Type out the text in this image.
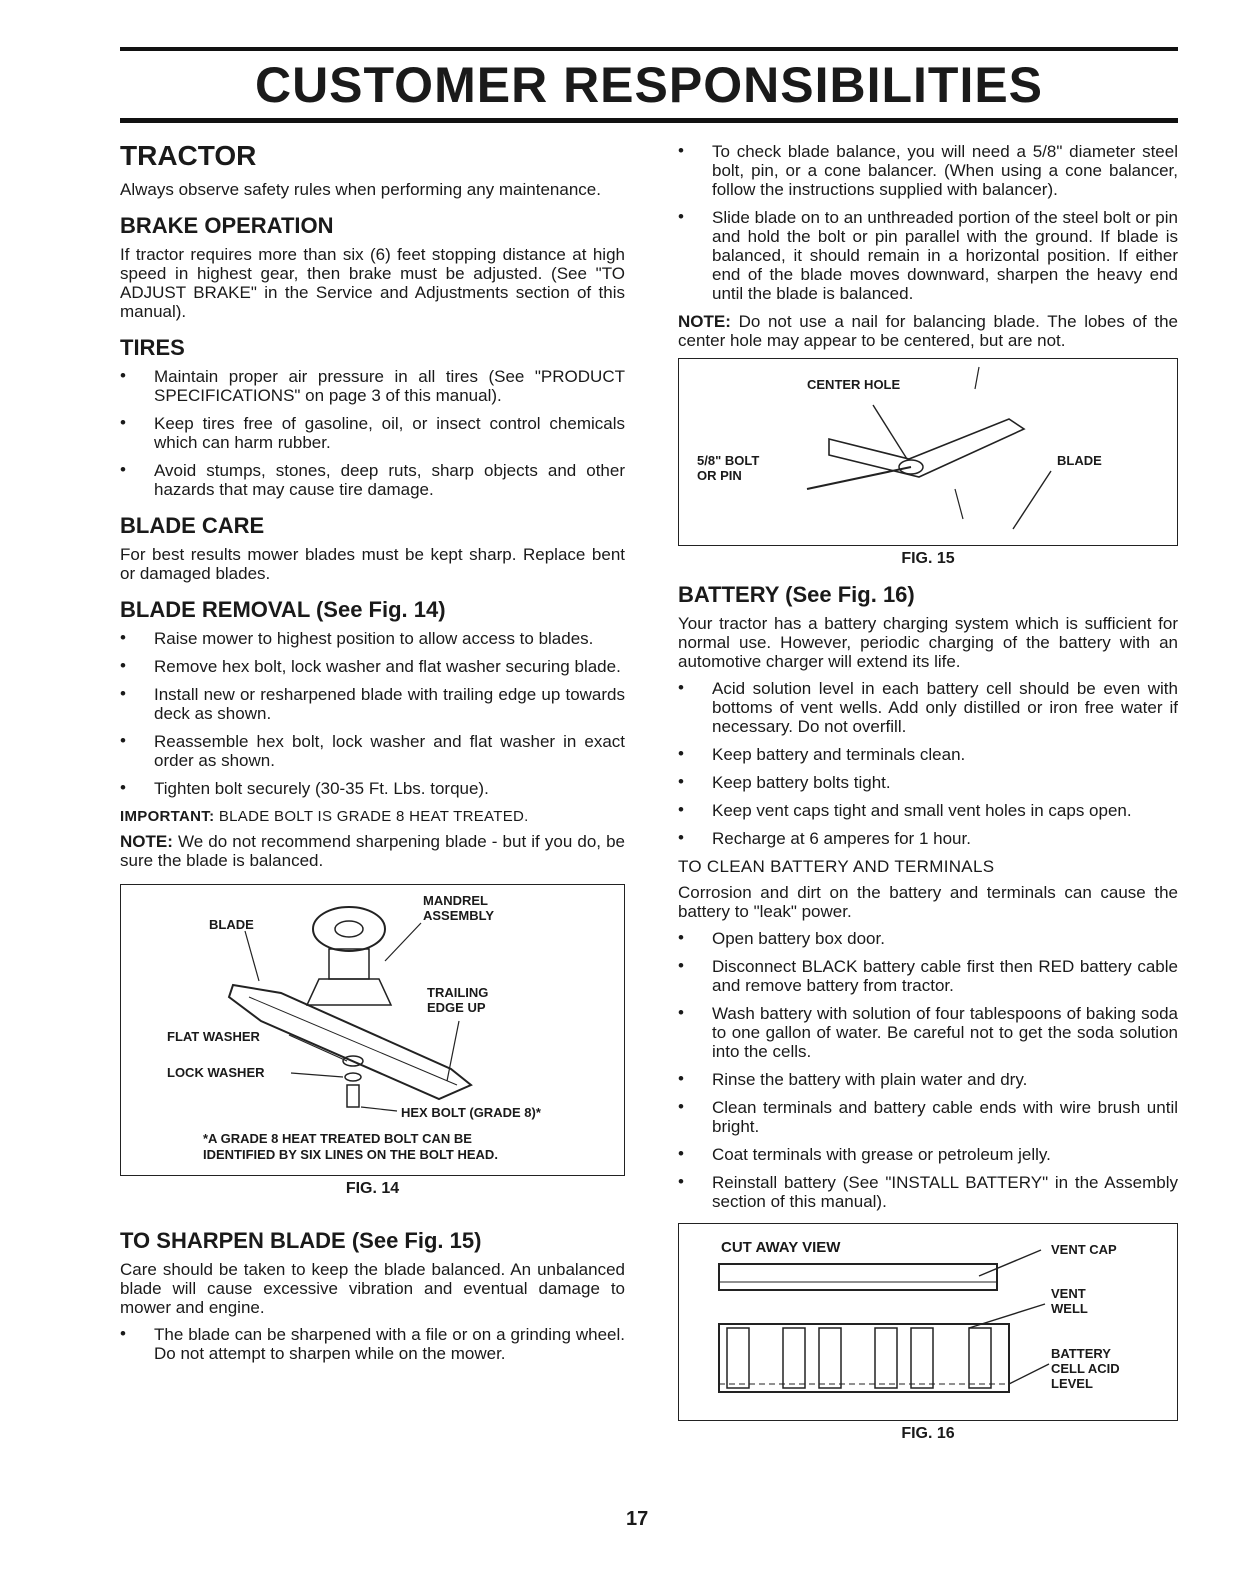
CUSTOMER RESPONSIBILITIES
TRACTOR

Always observe safety rules when performing any maintenance.

BRAKE OPERATION

If tractor requires more than six (6) feet stopping distance at high speed in highest gear, then brake must be adjusted. (See "TO ADJUST BRAKE" in the Service and Adjustments section of this manual).

TIRES
• Maintain proper air pressure in all tires (See "PRODUCT SPECIFICATIONS" on page 3 of this manual).
• Keep tires free of gasoline, oil, or insect control chemicals which can harm rubber.
• Avoid stumps, stones, deep ruts, sharp objects and other hazards that may cause tire damage.
BLADE CARE

For best results mower blades must be kept sharp. Replace bent or damaged blades.

BLADE REMOVAL (See Fig. 14)
• Raise mower to highest position to allow access to blades.
• Remove hex bolt, lock washer and flat washer securing blade.
• Install new or resharpened blade with trailing edge up towards deck as shown.
• Reassemble hex bolt, lock washer and flat washer in exact order as shown.
• Tighten bolt securely (30-35 Ft. Lbs. torque).

IMPORTANT: BLADE BOLT IS GRADE 8 HEAT TREATED.

NOTE: We do not recommend sharpening blade - but if you do, be sure the blade is balanced.

BLADE
MANDREL
ASSEMBLY
TRAILING
EDGE UP
FLAT WASHER
LOCK WASHER
HEX BOLT (GRADE 8)*
*A GRADE 8 HEAT TREATED BOLT CAN BE
IDENTIFIED BY SIX LINES ON THE BOLT HEAD.
FIG. 14
TO SHARPEN BLADE (See Fig. 15)

Care should be taken to keep the blade balanced. An unbalanced blade will cause excessive vibration and eventual damage to mower and engine.

• The blade can be sharpened with a file or on a grinding wheel. Do not attempt to sharpen while on the mower.
• To check blade balance, you will need a 5/8" diameter steel bolt, pin, or a cone balancer. (When using a cone balancer, follow the instructions supplied with balancer).
• Slide blade on to an unthreaded portion of the steel bolt or pin and hold the bolt or pin parallel with the ground. If blade is balanced, it should remain in a horizontal position. If either end of the blade moves downward, sharpen the heavy end until the blade is balanced.

NOTE: Do not use a nail for balancing blade. The lobes of the center hole may appear to be centered, but are not.

CENTER HOLE
5/8" BOLT
OR PIN
BLADE
FIG. 15
BATTERY (See Fig. 16)

Your tractor has a battery charging system which is sufficient for normal use. However, periodic charging of the battery with an automotive charger will extend its life.

• Acid solution level in each battery cell should be even with bottoms of vent wells. Add only distilled or iron free water if necessary. Do not overfill.
• Keep battery and terminals clean.
• Keep battery bolts tight.
• Keep vent caps tight and small vent holes in caps open.
• Recharge at 6 amperes for 1 hour.
TO CLEAN BATTERY AND TERMINALS

Corrosion and dirt on the battery and terminals can cause the battery to "leak" power.

• Open battery box door.
• Disconnect BLACK battery cable first then RED battery cable and remove battery from tractor.
• Wash battery with solution of four tablespoons of baking soda to one gallon of water. Be careful not to get the soda solution into the cells.
• Rinse the battery with plain water and dry.
• Clean terminals and battery cable ends with wire brush until bright.
• Coat terminals with grease or petroleum jelly.
• Reinstall battery (See "INSTALL BATTERY" in the Assembly section of this manual).
CUT AWAY VIEW	VENT CAP
VENT
WELL
BATTERY
CELL ACID
LEVEL
FIG. 16
17
